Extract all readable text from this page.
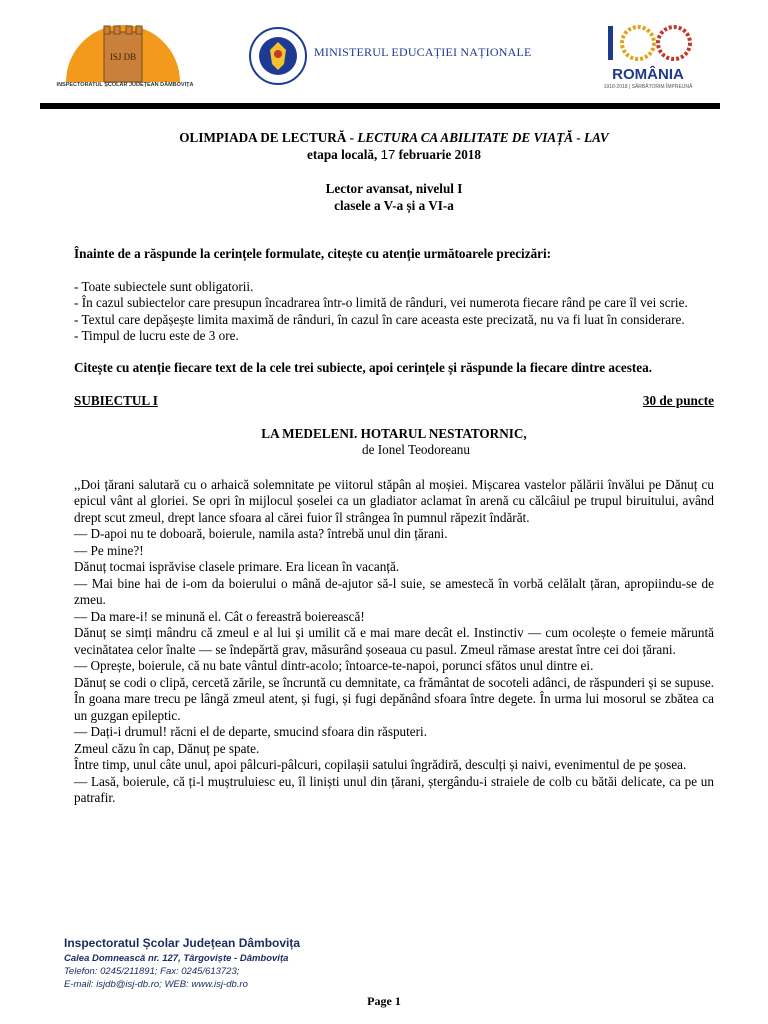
ISJ DB
INSPECTORATUL ȘCOLAR JUDEȚEAN DÂMBOVIȚA
MINISTERUL EDUCAȚIEI NAȚIONALE
ROMÂNIA
1918-2018 | SĂRBĂTORIM ÎMPREUNĂ

OLIMPIADA DE LECTURĂ - LECTURA CA ABILITATE DE VIAȚĂ - LAV

etapa locală, 17 februarie 2018

Lector avansat, nivelul I

clasele a V-a și a VI-a

Înainte de a răspunde la cerințele formulate, citește cu atenție următoarele precizări:

- Toate subiectele sunt obligatorii.

- În cazul subiectelor care presupun încadrarea într-o limită de rânduri, vei numerota fiecare rând pe care îl vei scrie.

- Textul care depășește limita maximă de rânduri, în cazul în care aceasta este precizată, nu va fi luat în considerare.

- Timpul de lucru este de 3 ore.

Citește cu atenție fiecare text de la cele trei subiecte, apoi cerințele și răspunde la fiecare dintre acestea.

SUBIECTUL I	30 de puncte

LA MEDELENI. HOTARUL NESTATORNIC,

de Ionel Teodoreanu

,,Doi țărani salutară cu o arhaică solemnitate pe viitorul stăpân al moșiei. Mișcarea vastelor pălării învălui pe Dănuț cu epicul vânt al gloriei. Se opri în mijlocul șoselei ca un gladiator aclamat în arenă cu călcâiul pe trupul biruitului, având drept scut zmeul, drept lance sfoara al cărei fuior îl strângea în pumnul răpezit îndărăt.

— D-apoi nu te doboară, boierule, namila asta? întrebă unul din țărani.

— Pe mine?!

Dănuț tocmai isprăvise clasele primare. Era licean în vacanță.

— Mai bine hai de i-om da boierului o mână de-ajutor să-l suie, se amestecă în vorbă celălalt țăran, apropiindu-se de zmeu.

— Da mare-i! se minună el. Cât o fereastră boierească!

Dănuț se simți mândru că zmeul e al lui și umilit că e mai mare decât el. Instinctiv — cum ocolește o femeie măruntă vecinătatea celor înalte — se îndepărtă grav, măsurând șoseaua cu pasul. Zmeul rămase arestat între cei doi țărani.

— Oprește, boierule, că nu bate vântul dintr-acolo; întoarce-te-napoi, porunci sfătos unul dintre ei.

Dănuț se codi o clipă, cercetă zările, se încruntă cu demnitate, ca frământat de socoteli adânci, de răspunderi și se supuse. În goana mare trecu pe lângă zmeul atent, și fugi, și fugi depănând sfoara între degete. În urma lui mosorul se zbătea ca un guzgan epileptic.

— Dați-i drumul! răcni el de departe, smucind sfoara din răsputeri.

Zmeul căzu în cap, Dănuț pe spate.

Între timp, unul câte unul, apoi pâlcuri-pâlcuri, copilașii satului îngrădiră, desculți și naivi, evenimentul de pe șosea.

— Lasă, boierule, că ți-l muștruluiesc eu, îl liniști unul din țărani, ștergându-i straiele de colb cu bătăi delicate, ca pe un patrafir.

Inspectoratul Școlar Județean Dâmbovița
Calea Domnească nr. 127, Târgoviște - Dâmbovița
Telefon: 0245/211891; Fax: 0245/613723;
E-mail: isjdb@isj-db.ro; WEB: www.isj-db.ro
Page 1
